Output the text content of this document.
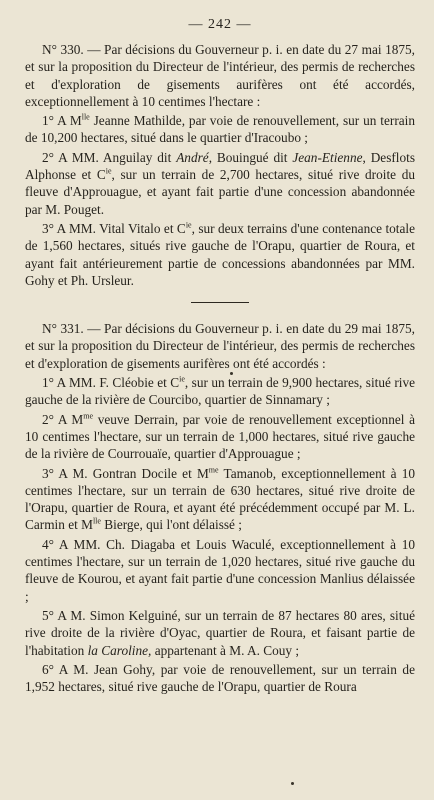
— 242 —

N° 330. — Par décisions du Gouverneur p. i. en date du 27 mai 1875, et sur la proposition du Directeur de l'intérieur, des permis de recherches et d'exploration de gisements aurifères ont été accordés, exceptionnellement à 10 centimes l'hectare :

1° A $M^{lle}$ Jeanne Mathilde, par voie de renouvellement, sur un terrain de 10,200 hectares, situé dans le quartier d'Iracoubo ;

2° A MM. Anguilay dit André, Bouingué dit Jean-Etienne, Desflots Alphonse et $C^{ie}$, sur un terrain de 2,700 hectares, situé rive droite du fleuve d'Approuague, et ayant fait partie d'une concession abandonnée par M. Pouget.

3° A MM. Vital Vitalo et $C^{ie}$, sur deux terrains d'une contenance totale de 1,560 hectares, situés rive gauche de l'Orapu, quartier de Roura, et ayant fait antérieurement partie de concessions abandonnées par MM. Gohy et Ph. Ursleur.

N° 331. — Par décisions du Gouverneur p. i. en date du 29 mai 1875, et sur la proposition du Directeur de l'intérieur, des permis de recherches et d'exploration de gisements aurifères ont été accordés :

1° A MM. F. Cléobie et $C^{ie}$, sur un terrain de 9,900 hectares, situé rive gauche de la rivière de Courcibo, quartier de Sinnamary ;

2° A $M^{me}$ veuve Derrain, par voie de renouvellement exceptionnel à 10 centimes l'hectare, sur un terrain de 1,000 hectares, situé rive gauche de la rivière de Courrouaïe, quartier d'Approuague ;

3° A M. Gontran Docile et $M^{me}$ Tamanob, exceptionnellement à 10 centimes l'hectare, sur un terrain de 630 hectares, situé rive droite de l'Orapu, quartier de Roura, et ayant été précédemment occupé par M. L. Carmin et $M^{lle}$ Bierge, qui l'ont délaissé ;

4° A MM. Ch. Diagaba et Louis Waculé, exceptionnellement à 10 centimes l'hectare, sur un terrain de 1,020 hectares, situé rive gauche du fleuve de Kourou, et ayant fait partie d'une concession Manlius délaissée ;

5° A M. Simon Kelguiné, sur un terrain de 87 hectares 80 ares, situé rive droite de la rivière d'Oyac, quartier de Roura, et faisant partie de l'habitation la Caroline, appartenant à M. A. Couy ;

6° A M. Jean Gohy, par voie de renouvellement, sur un terrain de 1,952 hectares, situé rive gauche de l'Orapu, quartier de Roura
